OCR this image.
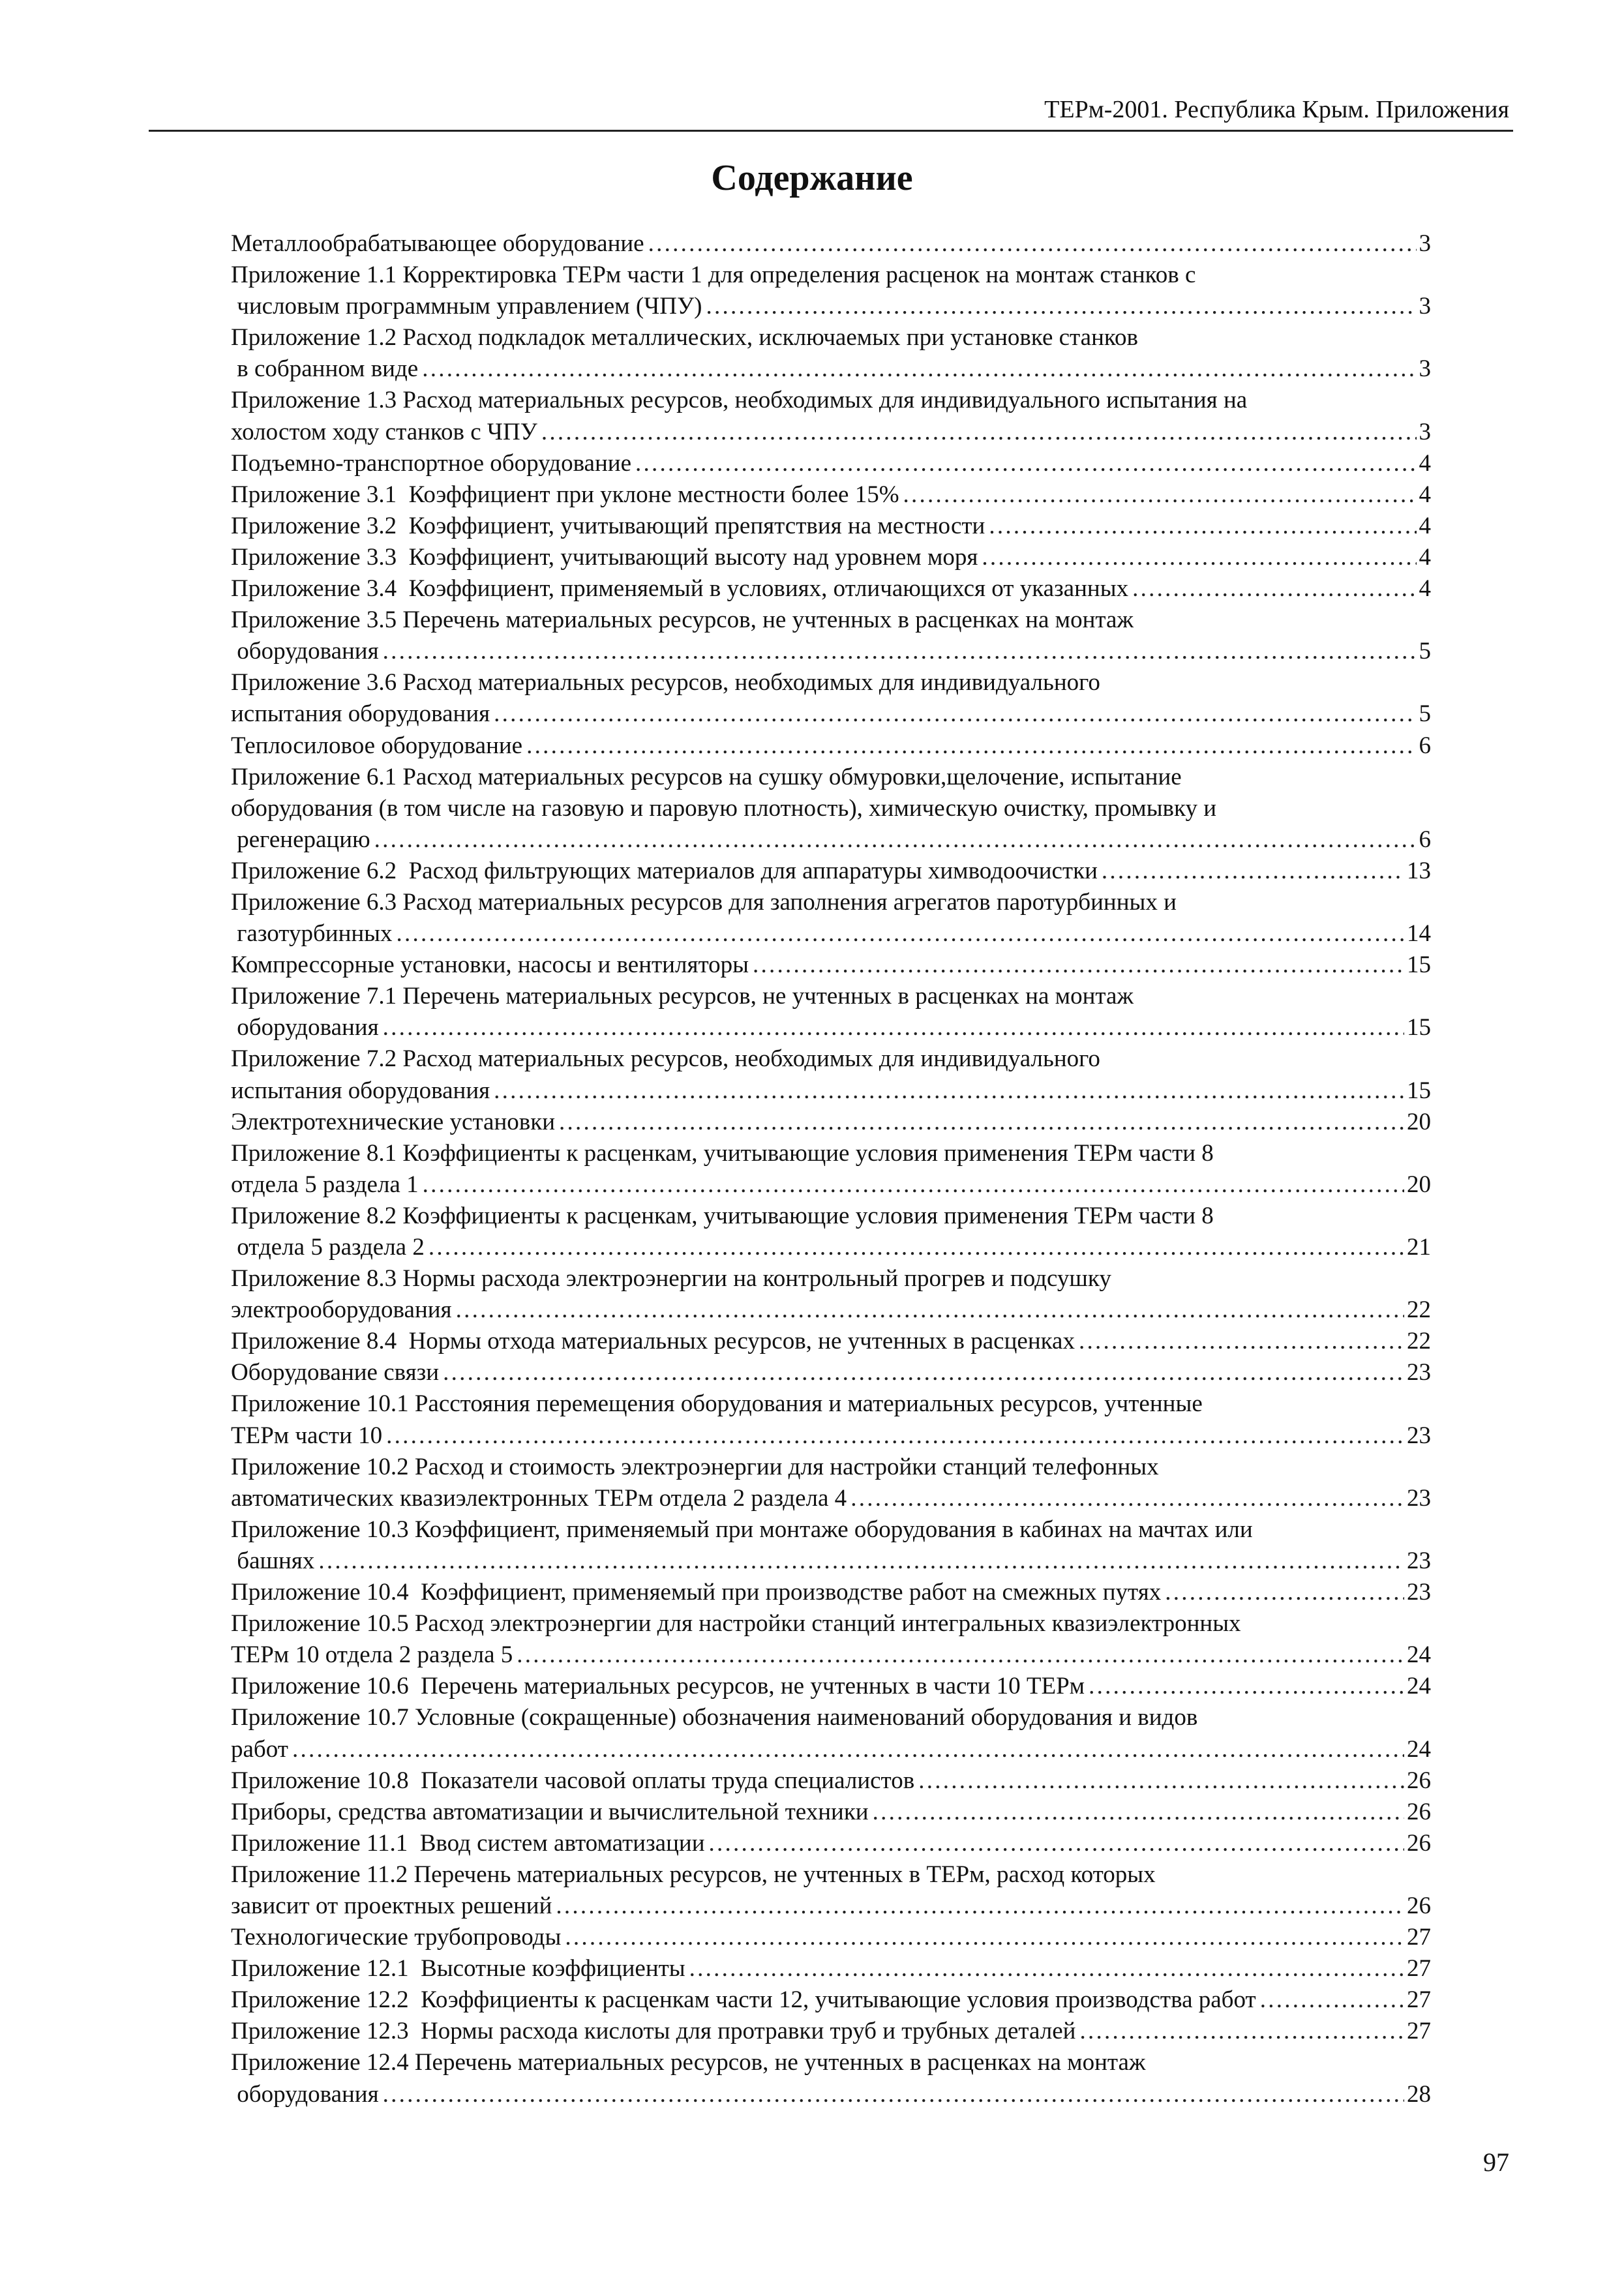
ТЕРм-2001. Республика Крым. Приложения
Содержание
Металлообрабатывающее оборудование . . .	3
Приложение 1.1 Корректировка ТЕРм части 1 для определения расценок на монтаж станков с
числовым программным управлением (ЧПУ) . . .	3
Приложение 1.2 Расход подкладок металлических, исключаемых при установке станков
в собранном виде . . .	3
Приложение 1.3 Расход материальных ресурсов, необходимых для индивидуального испытания на
холостом ходу станков с ЧПУ . . .	3
Подъемно-транспортное оборудование . . .	4
Приложение 3.1  Коэффициент при уклоне местности более 15% . . .	4
Приложение 3.2  Коэффициент, учитывающий препятствия на местности . . .	4
Приложение 3.3  Коэффициент, учитывающий высоту над уровнем моря . . .	4
Приложение 3.4  Коэффициент, применяемый в условиях, отличающихся от указанных . . .	4
Приложение 3.5 Перечень материальных ресурсов, не учтенных в расценках на монтаж
оборудования . . .	5
Приложение 3.6 Расход материальных ресурсов, необходимых для индивидуального
испытания оборудования . . .	5
Теплосиловое оборудование . . .	6
Приложение 6.1 Расход материальных ресурсов на сушку обмуровки,щелочение, испытание
оборудования (в том числе на газовую и паровую плотность), химическую очистку, промывку и
регенерацию . . .	6
Приложение 6.2  Расход фильтрующих материалов для аппаратуры химводоочистки . . .	13
Приложение 6.3 Расход материальных ресурсов для заполнения агрегатов паротурбинных и
газотурбинных . . .	14
Компрессорные установки, насосы и вентиляторы . . .	15
Приложение 7.1 Перечень материальных ресурсов, не учтенных в расценках на монтаж
оборудования . . .	15
Приложение 7.2 Расход материальных ресурсов, необходимых для индивидуального
испытания оборудования . . .	15
Электротехнические установки . . .	20
Приложение 8.1 Коэффициенты к расценкам, учитывающие условия применения ТЕРм части 8
отдела 5 раздела 1 . . .	20
Приложение 8.2 Коэффициенты к расценкам, учитывающие условия применения ТЕРм части 8
отдела 5 раздела 2 . . .	21
Приложение 8.3 Нормы расхода электроэнергии на контрольный прогрев и подсушку
электрооборудования . . .	22
Приложение 8.4  Нормы отхода материальных ресурсов, не учтенных в расценках . . .	22
Оборудование связи . . .	23
Приложение 10.1 Расстояния перемещения оборудования и материальных ресурсов, учтенные
ТЕРм части 10 . . .	23
Приложение 10.2 Расход и стоимость электроэнергии для настройки станций телефонных
автоматических квазиэлектронных ТЕРм отдела 2 раздела 4 . . .	23
Приложение 10.3 Коэффициент, применяемый при монтаже оборудования в кабинах на мачтах или
башнях . . .	23
Приложение 10.4  Коэффициент, применяемый при производстве работ на смежных путях . . .	23
Приложение 10.5 Расход электроэнергии для настройки станций интегральных квазиэлектронных
ТЕРм 10 отдела 2 раздела 5 . . .	24
Приложение 10.6  Перечень материальных ресурсов, не учтенных в части 10 ТЕРм . . .	24
Приложение 10.7 Условные (сокращенные) обозначения наименований оборудования и видов
работ . . .	24
Приложение 10.8  Показатели часовой оплаты труда специалистов . . .	26
Приборы, средства автоматизации и вычислительной техники . . .	26
Приложение 11.1  Ввод систем автоматизации . . .	26
Приложение 11.2 Перечень материальных ресурсов, не учтенных в ТЕРм, расход которых
зависит от проектных решений . . .	26
Технологические трубопроводы . . .	27
Приложение 12.1  Высотные коэффициенты . . .	27
Приложение 12.2  Коэффициенты к расценкам части 12, учитывающие условия производства работ . . .	27
Приложение 12.3  Нормы расхода кислоты для протравки труб и трубных деталей . . .	27
Приложение 12.4 Перечень материальных ресурсов, не учтенных в расценках на монтаж
оборудования . . .	28
97
